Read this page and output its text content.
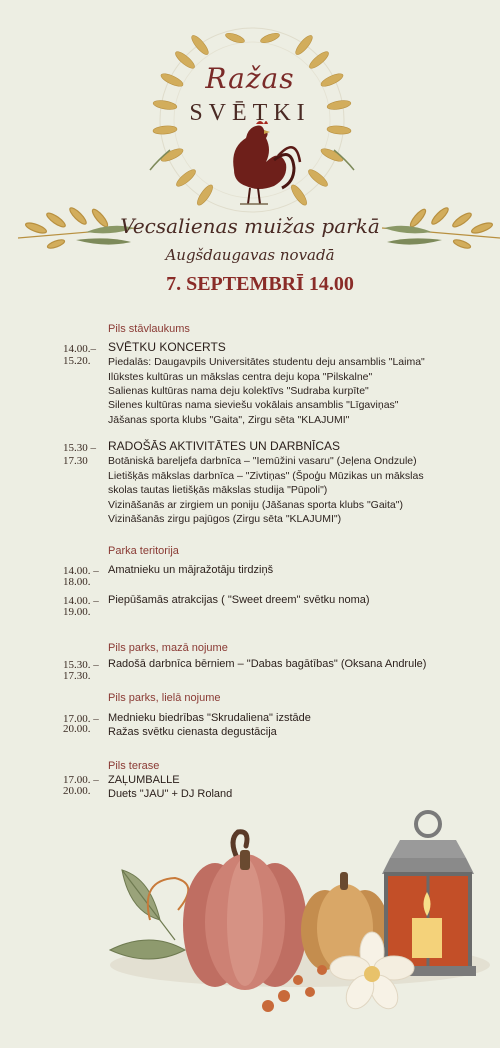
Ražas
SVĒTKI
Vecsalienas muižas parkā
Augšdaugavas novadā
7. SEPTEMBRĪ 14.00
Pils stāvlaukums
14.00.–
15.20.
SVĒTKU KONCERTS
Piedalās: Daugavpils Universitātes studentu deju ansamblis "Laima"
Ilūkstes kultūras un mākslas centra deju kopa "Pilskalne"
Salienas kultūras nama deju kolektīvs "Sudraba kurpīte"
Silenes kultūras nama sieviešu vokālais ansamblis "Līgaviņas"
Jāšanas sporta klubs "Gaita", Zirgu sēta "KLAJUMI"
15.30 –
17.30
RADOŠĀS AKTIVITĀTES UN DARBNĪCAS
Botāniskā bareljefa darbnīca – "Iemūžini vasaru" (Jeļena Ondzule)
Lietišķās mākslas darbnīca – "Zivtiņas" (Špoģu Mūzikas un mākslas
skolas tautas lietišķās mākslas studija "Pūpoli")
Vizināšanās ar zirgiem un poniju (Jāšanas sporta klubs "Gaita")
Vizināšanās zirgu pajūgos (Zirgu sēta "KLAJUMI")
Parka teritorija
14.00. –
18.00.
Amatnieku un mājražotāju tirdziņš
14.00. –
19.00.
Piepūšamās atrakcijas ( "Sweet dreem" svētku noma)
Pils parks, mazā nojume
15.30. –
17.30.
Radošā darbnīca bērniem – "Dabas bagātības" (Oksana Andrule)
Pils parks, lielā nojume
17.00. –
20.00.
Mednieku biedrības "Skrudaliena" izstāde
Ražas svētku cienasta degustācija
Pils terase
17.00. –
20.00.
ZAĻUMBALLE
Duets "JAU" + DJ Roland
